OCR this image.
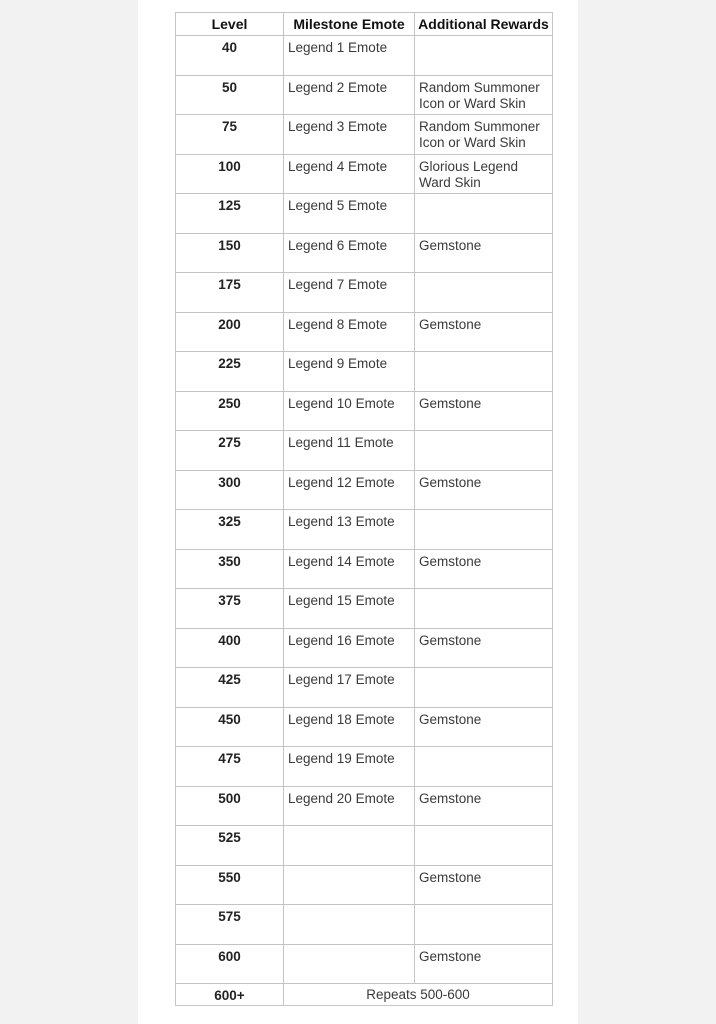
Level	Milestone Emote	Additional Rewards
40	Legend 1 Emote	
50	Legend 2 Emote	Random Summoner Icon or Ward Skin
75	Legend 3 Emote	Random Summoner Icon or Ward Skin
100	Legend 4 Emote	Glorious Legend Ward Skin
125	Legend 5 Emote	
150	Legend 6 Emote	Gemstone
175	Legend 7 Emote	
200	Legend 8 Emote	Gemstone
225	Legend 9 Emote	
250	Legend 10 Emote	Gemstone
275	Legend 11 Emote	
300	Legend 12 Emote	Gemstone
325	Legend 13 Emote	
350	Legend 14 Emote	Gemstone
375	Legend 15 Emote	
400	Legend 16 Emote	Gemstone
425	Legend 17 Emote	
450	Legend 18 Emote	Gemstone
475	Legend 19 Emote	
500	Legend 20 Emote	Gemstone
525		
550		Gemstone
575		
600		Gemstone
600+	Repeats 500-600	
